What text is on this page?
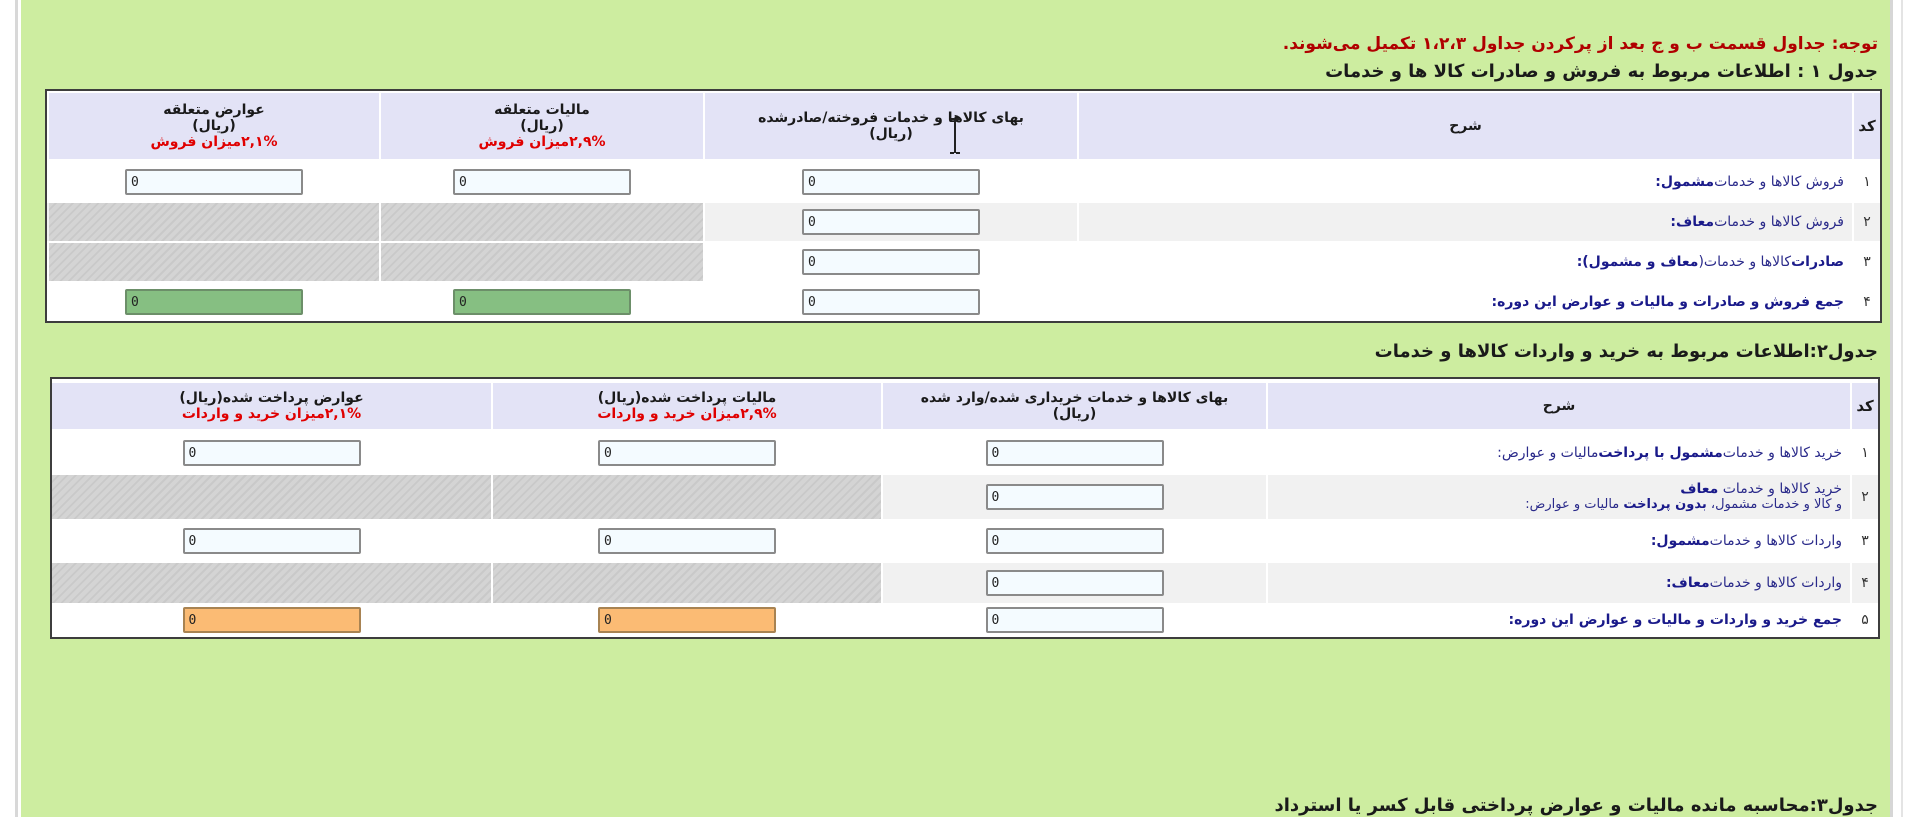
توجه: جداول قسمت ب و ج بعد از پرکردن جداول ۱،۲،۳ تکمیل می‌شوند.
جدول ۱ : اطلاعات مربوط به فروش و صادرات کالا ها و خدمات
کد
شرح
بهای کالاها و خدمات فروخته/صادرشده
(ریال)
مالیات متعلقه
(ریال)
۲,۹%میزان فروش
عوارض متعلقه
(ریال)
۲,۱%میزان فروش
۱
فروش کالاها و خدمات
مشمول:
0
0
0
۲
فروش کالاها و خدمات
معاف:
0
۳
صادرات
کالاها و خدمات(
معاف و مشمول):
0
۴
جمع فروش و صادرات و مالیات و عوارض این دوره:
0
0
0
جدول۲:اطلاعات مربوط به خرید و واردات کالاها و خدمات
کد
شرح
بهای کالاها و خدمات خریداری شده/وارد شده
(ریال)
مالیات پرداخت شده(ریال)
۲,۹%میزان خرید و واردات
عوارض پرداخت شده(ریال)
۲,۱%میزان خرید و واردات
۱
خرید کالاها و خدمات
مشمول با پرداخت
مالیات و عوارض:
0
0
0
۲
خرید کالاها و خدمات معاف
و کالا و خدمات مشمول، بدون پرداخت مالیات و عوارض:
0
۳
واردات کالاها و خدمات
مشمول:
0
0
0
۴
واردات کالاها و خدمات
معاف:
0
۵
جمع خرید و واردات و مالیات و عوارض این دوره:
0
0
0
جدول۳:محاسبه مانده مالیات و عوارض پرداختی قابل کسر یا استرداد
